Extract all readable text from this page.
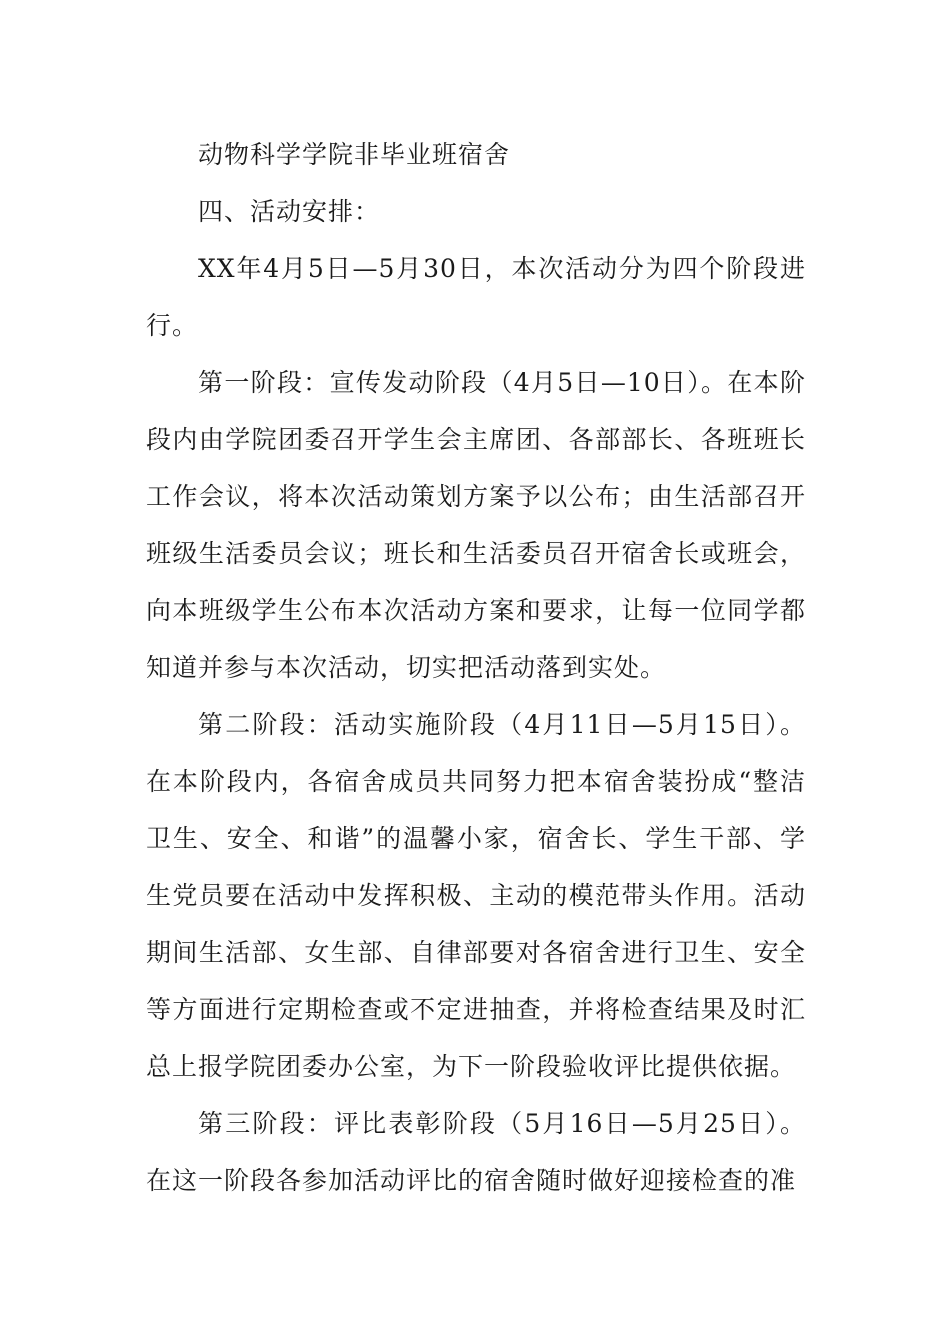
动物科学学院非毕业班宿舍

四、活动安排：

XX年4月5日—5月30日，本次活动分为四个阶段进行。

第一阶段：宣传发动阶段（4月5日—10日）。在本阶段内由学院团委召开学生会主席团、各部部长、各班班长工作会议，将本次活动策划方案予以公布；由生活部召开班级生活委员会议；班长和生活委员召开宿舍长或班会，向本班级学生公布本次活动方案和要求，让每一位同学都知道并参与本次活动，切实把活动落到实处。

第二阶段：活动实施阶段（4月11日—5月15日）。在本阶段内，各宿舍成员共同努力把本宿舍装扮成“整洁卫生、安全、和谐”的温馨小家，宿舍长、学生干部、学生党员要在活动中发挥积极、主动的模范带头作用。活动期间生活部、女生部、自律部要对各宿舍进行卫生、安全等方面进行定期检查或不定进抽查，并将检查结果及时汇总上报学院团委办公室，为下一阶段验收评比提供依据。

第三阶段：评比表彰阶段（5月16日—5月25日）。在这一阶段各参加活动评比的宿舍随时做好迎接检查的准
